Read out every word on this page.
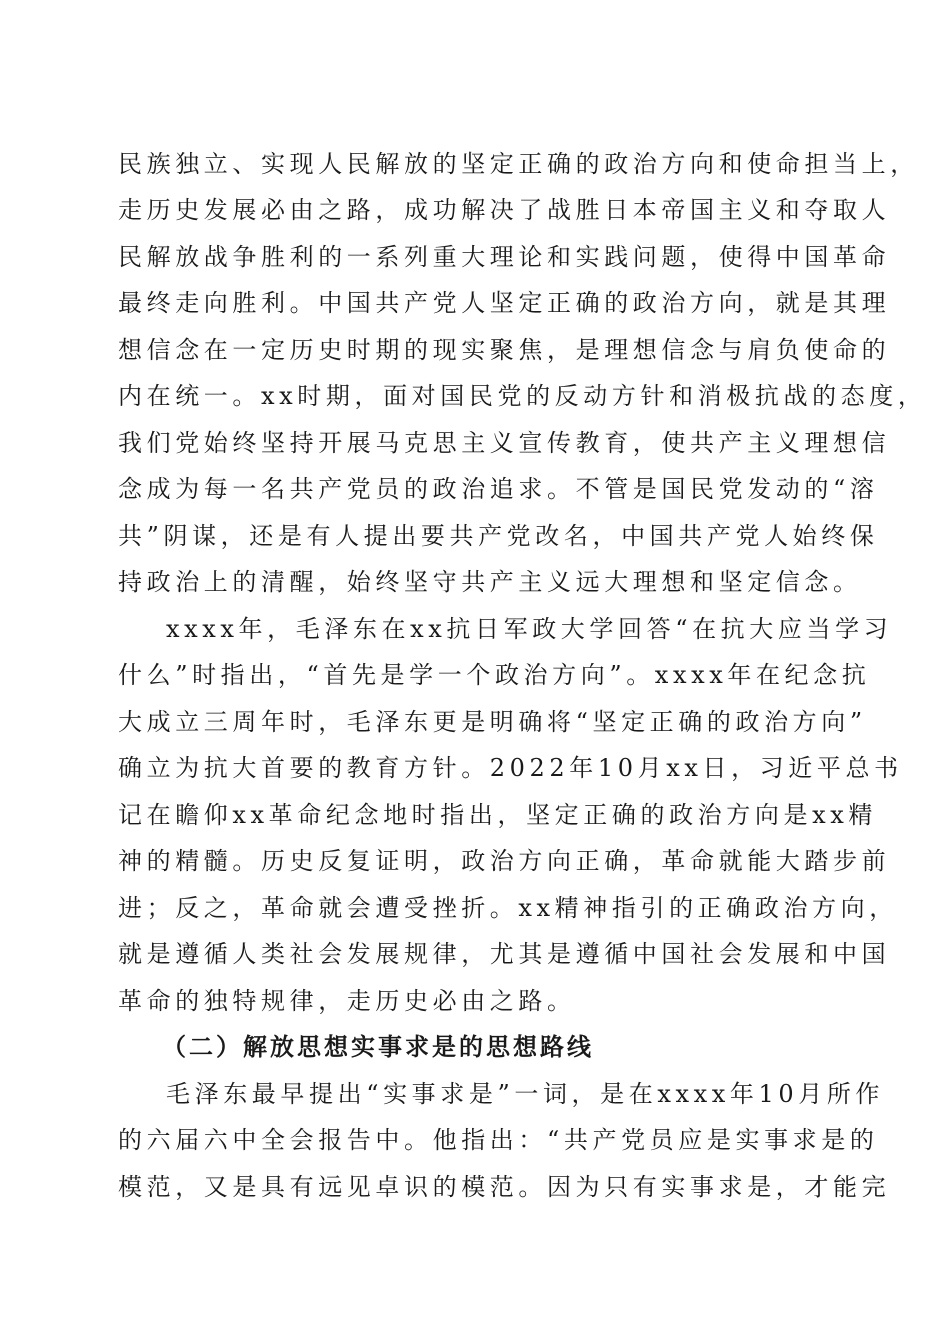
民族独立、实现人民解放的坚定正确的政治方向和使命担当上，
走历史发展必由之路，成功解决了战胜日本帝国主义和夺取人
民解放战争胜利的一系列重大理论和实践问题，使得中国革命
最终走向胜利。中国共产党人坚定正确的政治方向，就是其理
想信念在一定历史时期的现实聚焦，是理想信念与肩负使命的
内在统一。xx时期，面对国民党的反动方针和消极抗战的态度，
我们党始终坚持开展马克思主义宣传教育，使共产主义理想信
念成为每一名共产党员的政治追求。不管是国民党发动的“溶
共”阴谋，还是有人提出要共产党改名，中国共产党人始终保
持政治上的清醒，始终坚守共产主义远大理想和坚定信念。
xxxx年，毛泽东在xx抗日军政大学回答“在抗大应当学习
什么”时指出，“首先是学一个政治方向”。xxxx年在纪念抗
大成立三周年时，毛泽东更是明确将“坚定正确的政治方向”
确立为抗大首要的教育方针。2022年10月xx日，习近平总书
记在瞻仰xx革命纪念地时指出，坚定正确的政治方向是xx精
神的精髓。历史反复证明，政治方向正确，革命就能大踏步前
进；反之，革命就会遭受挫折。xx精神指引的正确政治方向，
就是遵循人类社会发展规律，尤其是遵循中国社会发展和中国
革命的独特规律，走历史必由之路。
（二）解放思想实事求是的思想路线
毛泽东最早提出“实事求是”一词，是在xxxx年10月所作
的六届六中全会报告中。他指出：“共产党员应是实事求是的
模范，又是具有远见卓识的模范。因为只有实事求是，才能完
